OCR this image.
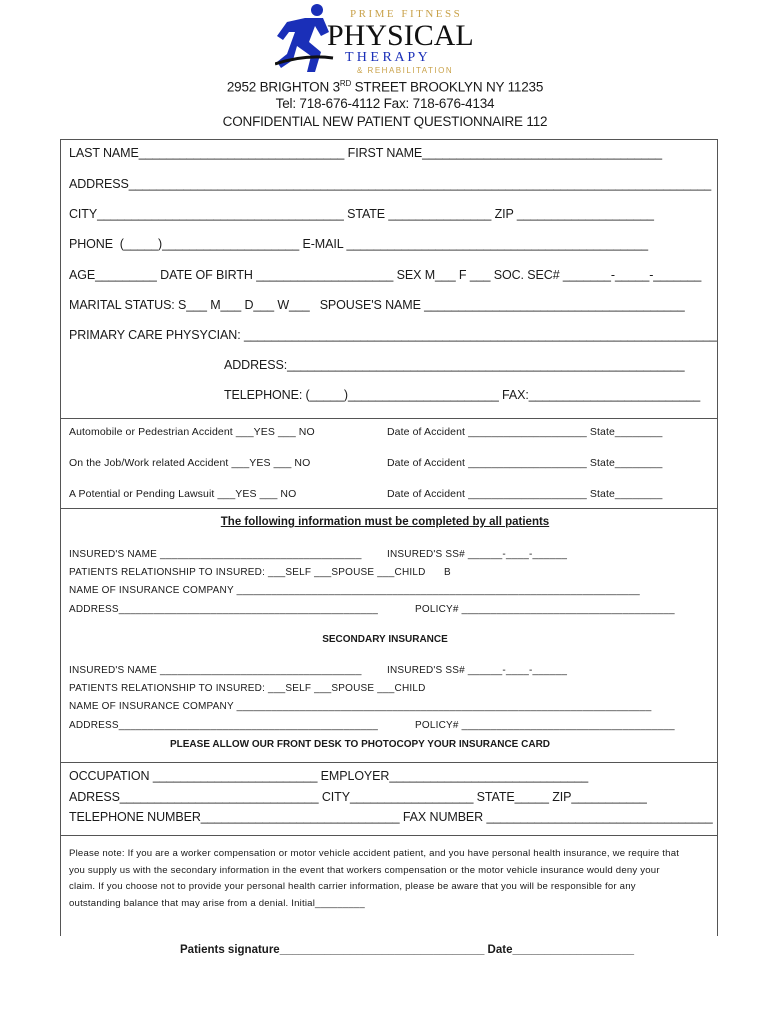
PRIME FITNESS
PHYSICAL
T H E R A P Y
& REHABILITATION
2952 BRIGHTON 3RD STREET BROOKLYN NY 11235
Tel: 718-676-4112 Fax: 718-676-4134
CONFIDENTIAL NEW PATIENT QUESTIONNAIRE 112
LAST NAME______________________________ FIRST NAME___________________________________
ADDRESS_____________________________________________________________________________________
CITY____________________________________ STATE _______________ ZIP ____________________
PHONE  (_____)____________________ E-MAIL ____________________________________________
AGE_________ DATE OF BIRTH ____________________ SEX M___ F ___ SOC. SEC# _______-_____-_______
MARITAL STATUS: S___ M___ D___ W___   SPOUSE'S NAME ______________________________________
PRIMARY CARE PHYSYCIAN: _____________________________________________________________________
ADDRESS:__________________________________________________________
TELEPHONE: (_____)______________________ FAX:_________________________
Automobile or Pedestrian Accident ___YES ___ NO	Date of Accident ____________________ State________
On the Job/Work related Accident ___YES ___ NO	Date of Accident ____________________ State________
A Potential or Pending Lawsuit ___YES ___ NO	Date of Accident ____________________ State________
The following information must be completed by all patients
INSURED'S NAME ___________________________________	INSURED'S SS# ______-____-______
PATIENTS RELATIONSHIP TO INSURED: ___SELF ___SPOUSE ___CHILD B
NAME OF INSURANCE COMPANY ______________________________________________________________________
ADDRESS_____________________________________________	POLICY# _____________________________________
SECONDARY INSURANCE
INSURED'S NAME ___________________________________	INSURED'S SS# ______-____-______
PATIENTS RELATIONSHIP TO INSURED: ___SELF ___SPOUSE ___CHILD
NAME OF INSURANCE COMPANY ________________________________________________________________________
ADDRESS_____________________________________________	POLICY# _____________________________________
PLEASE ALLOW OUR FRONT DESK TO PHOTOCOPY YOUR INSURANCE CARD
OCCUPATION ________________________ EMPLOYER_____________________________
ADRESS_____________________________ CITY__________________ STATE_____ ZIP___________
TELEPHONE NUMBER_____________________________ FAX NUMBER _________________________________
Please note: If you are a worker compensation or motor vehicle accident patient, and you have personal health insurance, we require that
you supply us with the secondary information in the event that workers compensation or the motor vehicle insurance would deny your
claim. If you choose not to provide your personal health carrier information, please be aware that you will be responsible for any
outstanding balance that may arise from a denial. Initial_________
Patients signature________________________________ Date___________________
